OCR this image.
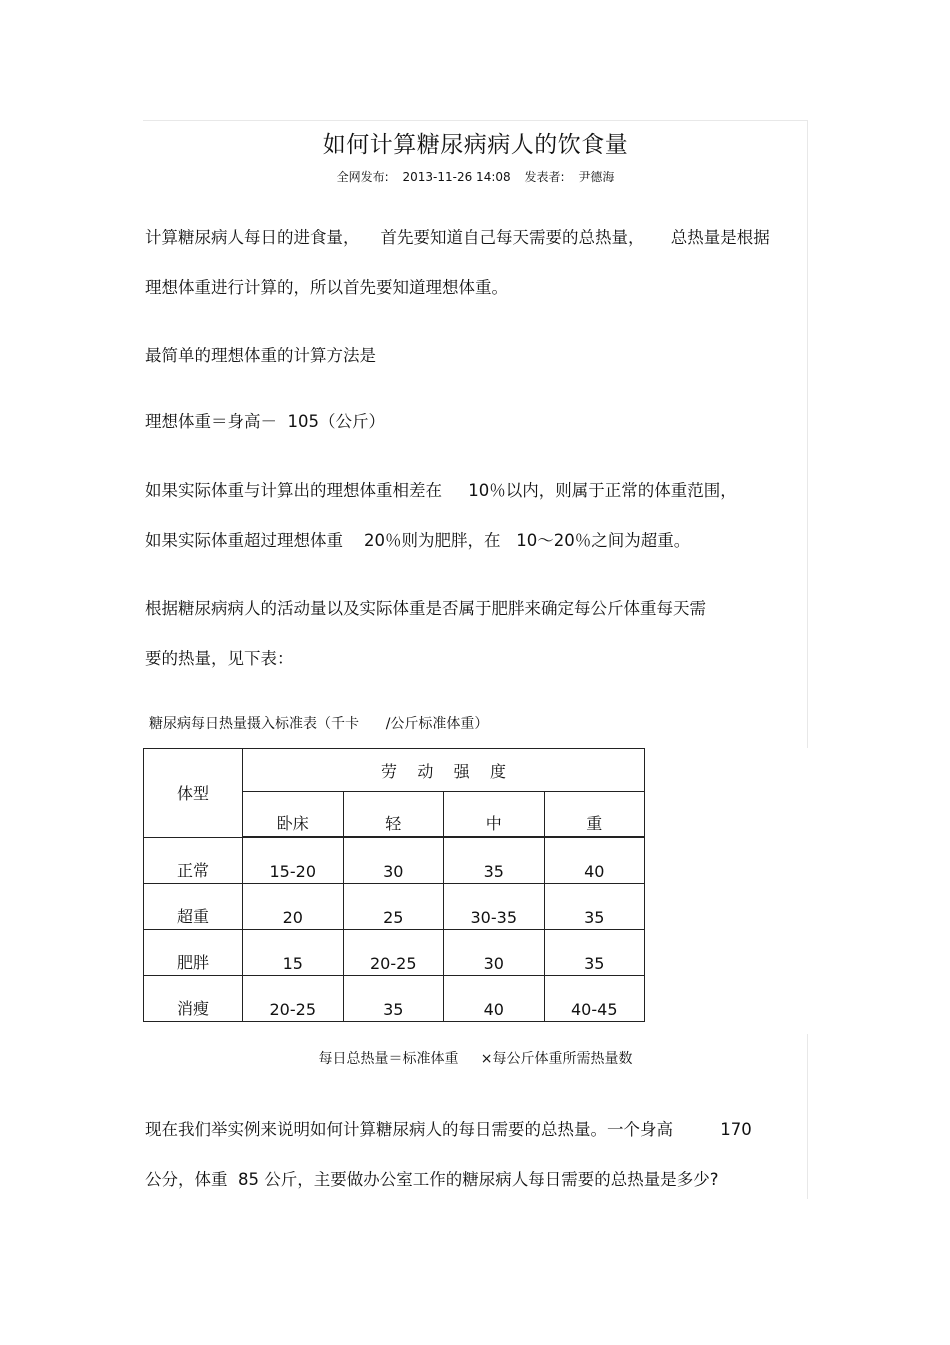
如何计算糖尿病病人的饮食量
全网发布: 2013-11-26 14:08 发表者: 尹德海
计算糖尿病人每日的进食量，    首先要知道自己每天需要的总热量，     总热量是根据
理想体重进行计算的，所以首先要知道理想体重。
最简单的理想体重的计算方法是
理想体重＝身高－  105（公斤）
如果实际体重与计算出的理想体重相差在     10％以内，则属于正常的体重范围，
如果实际体重超过理想体重    20％则为肥胖，在   10～20％之间为超重。
根据糖尿病病人的活动量以及实际体重是否属于肥胖来确定每公斤体重每天需
要的热量，见下表：
糖尿病每日热量摄入标准表（千卡      /公斤标准体重）
体型	劳    动    强    度			
	卧床	轻	中	重
正常	15-20	30	35	40
超重	20	25	30-35	35
肥胖	15	20-25	30	35
消瘦	20-25	35	40	40-45
每日总热量＝标准体重     ×每公斤体重所需热量数
现在我们举实例来说明如何计算糖尿病人的每日需要的总热量。一个身高         170
公分，体重  85 公斤，主要做办公室工作的糖尿病人每日需要的总热量是多少?
